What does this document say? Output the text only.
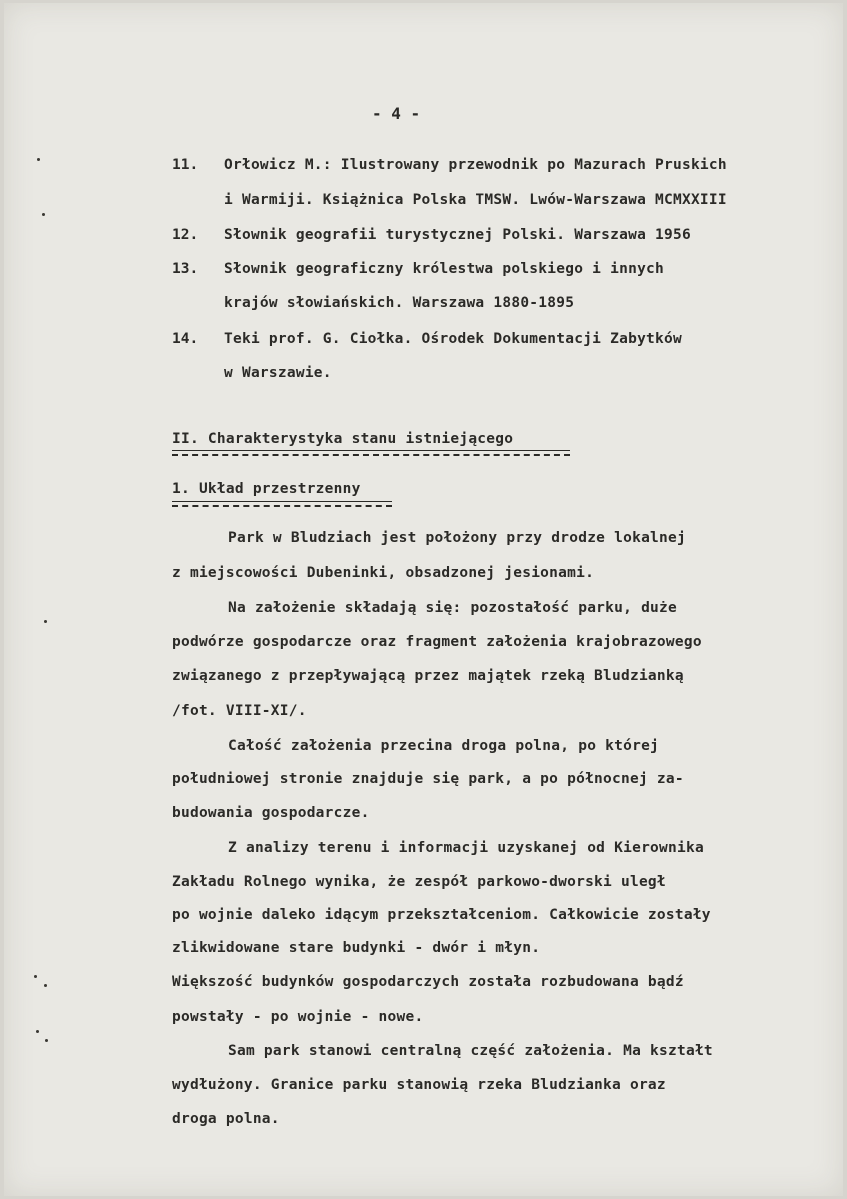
- 4 -
11. Orłowicz M.: Ilustrowany przewodnik po Mazurach Pruskich
i Warmiji. Książnica Polska TMSW. Lwów-Warszawa MCMXXIII
12. Słownik geografii turystycznej Polski. Warszawa 1956
13. Słownik geograficzny królestwa polskiego i innych
krajów słowiańskich. Warszawa 1880-1895
14. Teki prof. G. Ciołka. Ośrodek Dokumentacji Zabytków
w Warszawie.
II. Charakterystyka stanu istniejącego
1. Układ przestrzenny
Park w Bludziach jest położony przy drodze lokalnej
z miejscowości Dubeninki, obsadzonej jesionami.
Na założenie składają się: pozostałość parku, duże
podwórze gospodarcze oraz fragment założenia krajobrazowego
związanego z przepływającą przez majątek rzeką Bludzianką
/fot. VIII-XI/.
Całość założenia przecina droga polna, po której
południowej stronie znajduje się park, a po północnej za-
budowania gospodarcze.
Z analizy terenu i informacji uzyskanej od Kierownika
Zakładu Rolnego wynika, że zespół parkowo-dworski uległ
po wojnie daleko idącym przekształceniom. Całkowicie zostały
zlikwidowane stare budynki - dwór i młyn.
Większość budynków gospodarczych została rozbudowana bądź
powstały - po wojnie - nowe.
Sam park stanowi centralną część założenia. Ma kształt
wydłużony. Granice parku stanowią rzeka Bludzianka oraz
droga polna.
